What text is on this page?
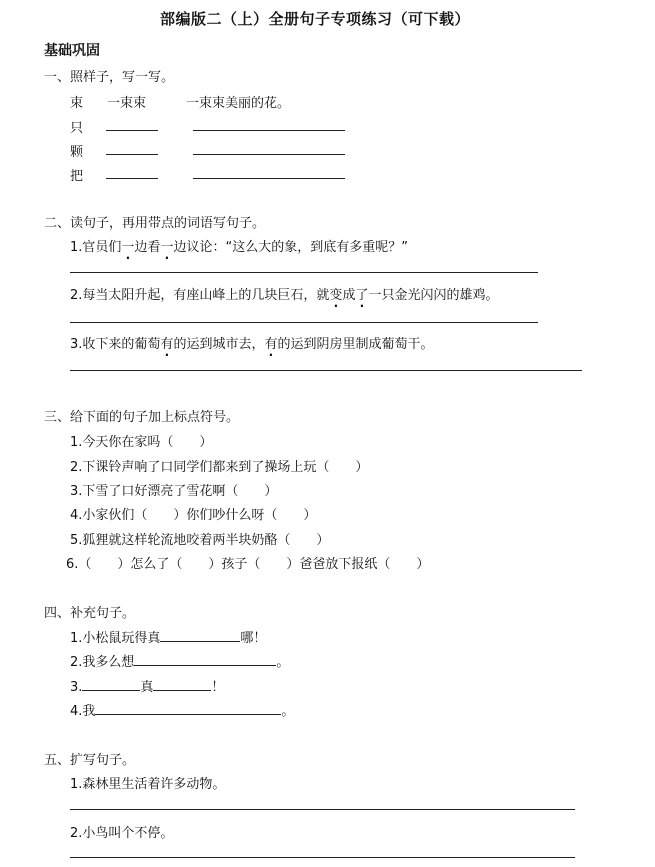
部编版二（上）全册句子专项练习（可下载）
基础巩固
一、照样子，写一写。
束 一束束	一束束美丽的花。
只
颗
把
二、读句子，再用带点的词语写句子。
1.官员们一边看一边议论：“这么大的象，到底有多重呢？”
2.每当太阳升起，有座山峰上的几块巨石，就变成了一只金光闪闪的雄鸡。
3.收下来的葡萄有的运到城市去，有的运到阴房里制成葡萄干。
三、给下面的句子加上标点符号。
1.今天你在家吗（　　）
2.下课铃声响了口同学们都来到了操场上玩（　　）
3.下雪了口好漂亮了雪花啊（　　）
4.小家伙们（　　）你们吵什么呀（　　）
5.狐狸就这样轮流地咬着两半块奶酪（　　）
6.（　　）怎么了（　　）孩子（　　）爸爸放下报纸（　　）
四、补充句子。
1.小松鼠玩得真	哪！
2.我多么想	。
3.	真	！
4.我	。
五、扩写句子。
1.森林里生活着许多动物。
2.小鸟叫个不停。
